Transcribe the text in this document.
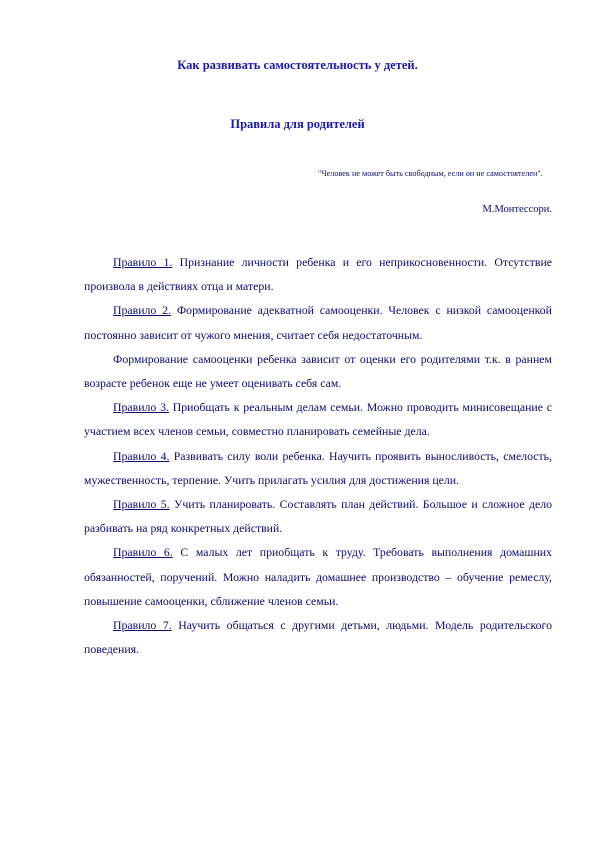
Как развивать самостоятельность у детей.
Правила для родителей
"Человек не может быть свободным, если он не самостоятелен".
М.Монтессори.

Правило 1. Признание личности ребенка и его неприкосновенности. Отсутствие произвола в действиях отца и матери.

Правило 2. Формирование адекватной самооценки. Человек с низкой самооценкой постоянно зависит от чужого мнения, считает себя недостаточным.

Формирование самооценки ребенка зависит от оценки его родителями т.к. в раннем возрасте ребенок еще не умеет оценивать себя сам.

Правило 3. Приобщать к реальным делам семьи. Можно проводить минисовещание с участием всех членов семьи, совместно планировать семейные дела.

Правило 4. Развивать силу воли ребенка. Научить проявить выносливость, смелость, мужественность, терпение. Учить прилагать усилия для достижения цели.

Правило 5. Учить планировать. Составлять план действий. Большое и сложное дело разбивать на ряд конкретных действий.

Правило 6. С малых лет приобщать к труду. Требовать выполнения домашних обязанностей, поручений. Можно наладить домашнее производство – обучение ремеслу, повышение самооценки, сближение членов семьи.

Правило 7. Научить общаться с другими детьми, людьми. Модель родительского поведения.
